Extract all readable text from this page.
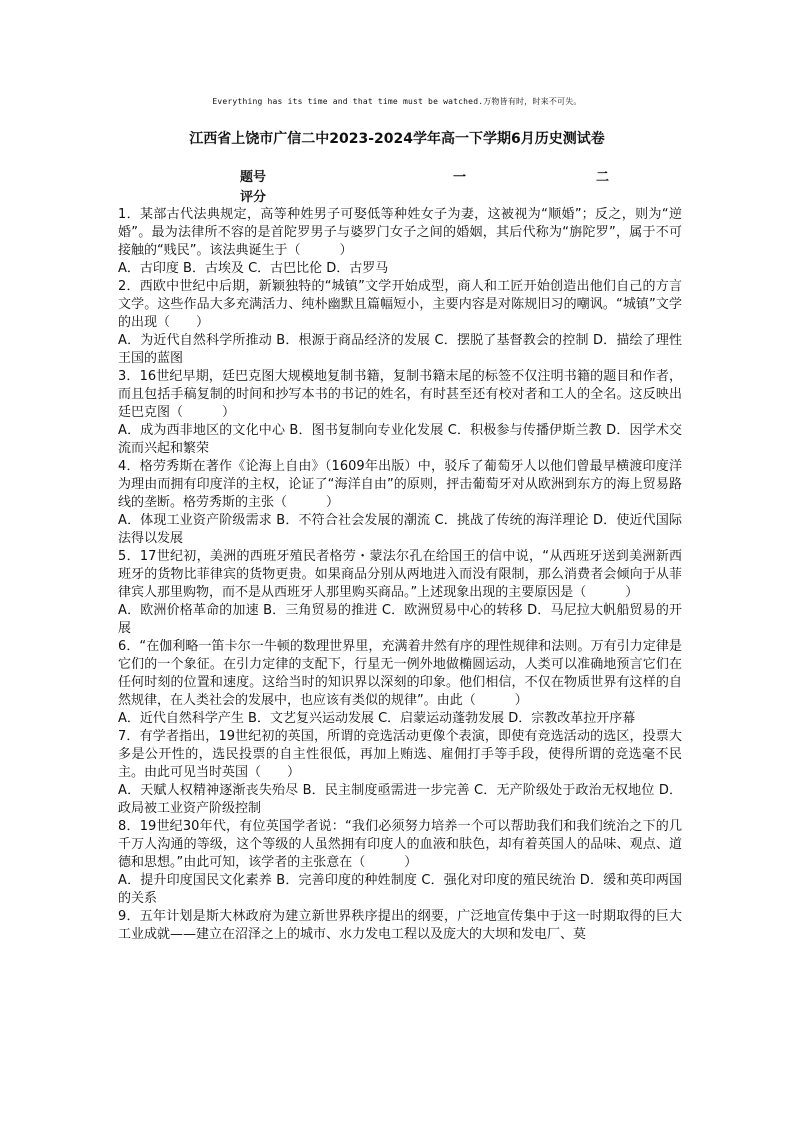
Everything has its time and that time must be watched.万物皆有时，时来不可失。
江西省上饶市广信二中2023-2024学年高一下学期6月历史测试卷
题号	一	二
评分

1．某部古代法典规定，高等种姓男子可娶低等种姓女子为妻，这被视为“顺婚”；反之，则为“逆婚”。最为法律所不容的是首陀罗男子与婆罗门女子之间的婚姻，其后代称为“旃陀罗”，属于不可接触的“贱民”。该法典诞生于（　　　）

A．古印度 B．古埃及 C．古巴比伦 D．古罗马

2．西欧中世纪中后期，新颖独特的“城镇”文学开始成型，商人和工匠开始创造出他们自己的方言文学。这些作品大多充满活力、纯朴幽默且篇幅短小，主要内容是对陈规旧习的嘲讽。“城镇”文学的出现（　　）

A．为近代自然科学所推动 B．根源于商品经济的发展 C．摆脱了基督教会的控制 D．描绘了理性王国的蓝图

3．16世纪早期，廷巴克图大规模地复制书籍，复制书籍末尾的标签不仅注明书籍的题目和作者，而且包括手稿复制的时间和抄写本书的书记的姓名，有时甚至还有校对者和工人的全名。这反映出廷巴克图（　　　）

A．成为西非地区的文化中心 B．图书复制向专业化发展 C．积极参与传播伊斯兰教 D．因学术交流而兴起和繁荣

4．格劳秀斯在著作《论海上自由》（1609年出版）中，驳斥了葡萄牙人以他们曾最早横渡印度洋为理由而拥有印度洋的主权，论证了“海洋自由”的原则，抨击葡萄牙对从欧洲到东方的海上贸易路线的垄断。格劳秀斯的主张（　　　）

A．体现工业资产阶级需求 B．不符合社会发展的潮流 C．挑战了传统的海洋理论 D．使近代国际法得以发展

5．17世纪初，美洲的西班牙殖民者格劳・蒙法尔孔在给国王的信中说，“从西班牙送到美洲新西班牙的货物比菲律宾的货物更贵。如果商品分别从两地进入而没有限制，那么消费者会倾向于从菲律宾人那里购物，而不是从西班牙人那里购买商品。”上述现象出现的主要原因是（　　　）

A．欧洲价格革命的加速 B．三角贸易的推进 C．欧洲贸易中心的转移 D．马尼拉大帆船贸易的开展

6．“在伽利略一笛卡尔一牛顿的数理世界里，充满着井然有序的理性规律和法则。万有引力定律是它们的一个象征。在引力定律的支配下，行星无一例外地做椭圆运动，人类可以准确地预言它们在任何时刻的位置和速度。这给当时的知识界以深刻的印象。他们相信，不仅在物质世界有这样的自然规律，在人类社会的发展中，也应该有类似的规律”。由此（　　　）

A．近代自然科学产生 B．文艺复兴运动发展 C．启蒙运动蓬勃发展 D．宗教改革拉开序幕

7．有学者指出，19世纪初的英国，所谓的竞选活动更像个表演，即使有竞选活动的选区，投票大多是公开性的，选民投票的自主性很低，再加上贿选、雇佣打手等手段，使得所谓的竞选毫不民主。由此可见当时英国（　　）

A．天赋人权精神逐渐丧失殆尽 B．民主制度亟需进一步完善 C．无产阶级处于政治无权地位 D．政局被工业资产阶级控制

8．19世纪30年代，有位英国学者说：“我们必须努力培养一个可以帮助我们和我们统治之下的几千万人沟通的等级，这个等级的人虽然拥有印度人的血液和肤色，却有着英国人的品味、观点、道德和思想。”由此可知，该学者的主张意在（　　　）

A．提升印度国民文化素养 B．完善印度的种姓制度 C．强化对印度的殖民统治 D．缓和英印两国的关系

9．五年计划是斯大林政府为建立新世界秩序提出的纲要，广泛地宣传集中于这一时期取得的巨大工业成就——建立在沼泽之上的城市、水力发电工程以及庞大的大坝和发电厂、莫
